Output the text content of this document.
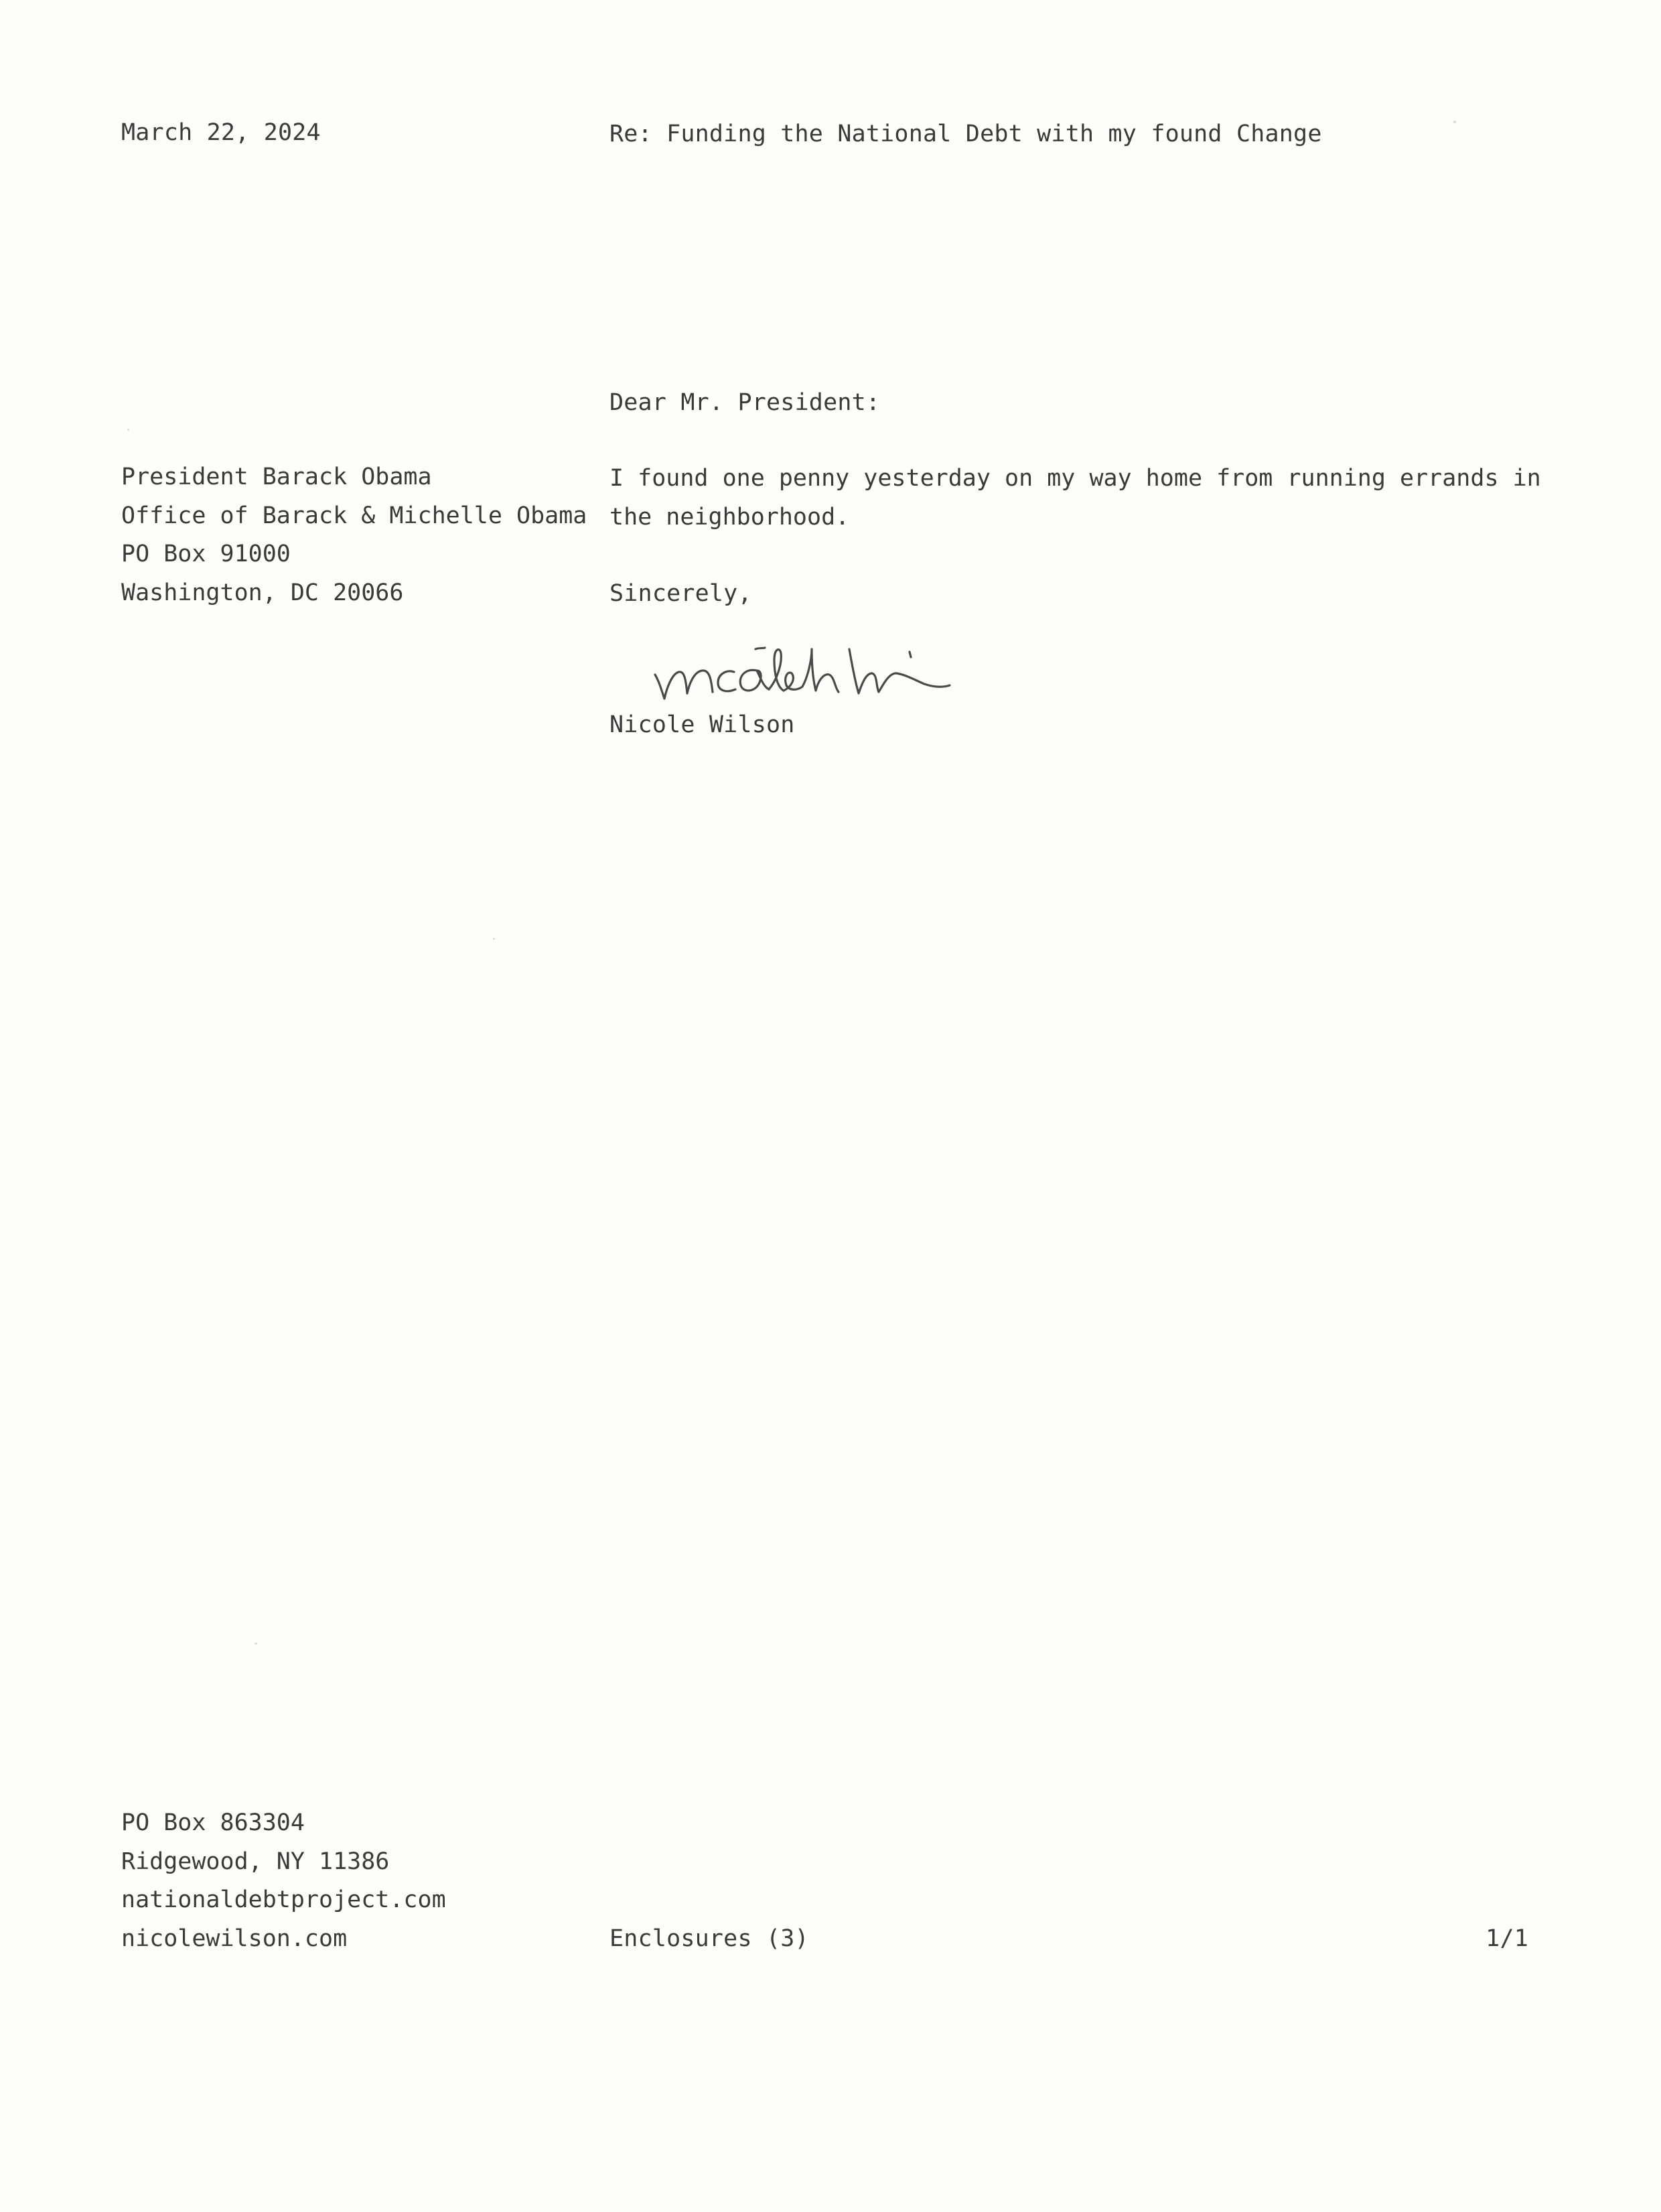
March 22, 2024	Re: Funding the National Debt with my found Change
Dear Mr. President:
President Barack Obama
Office of Barack & Michelle Obama
PO Box 91000
Washington, DC 20066
I found one penny yesterday on my way home from running errands in
the neighborhood.
Sincerely,
Nicole Wilson
PO Box 863304
Ridgewood, NY 11386
nationaldebtproject.com
nicolewilson.com	Enclosures (3)	1/1
